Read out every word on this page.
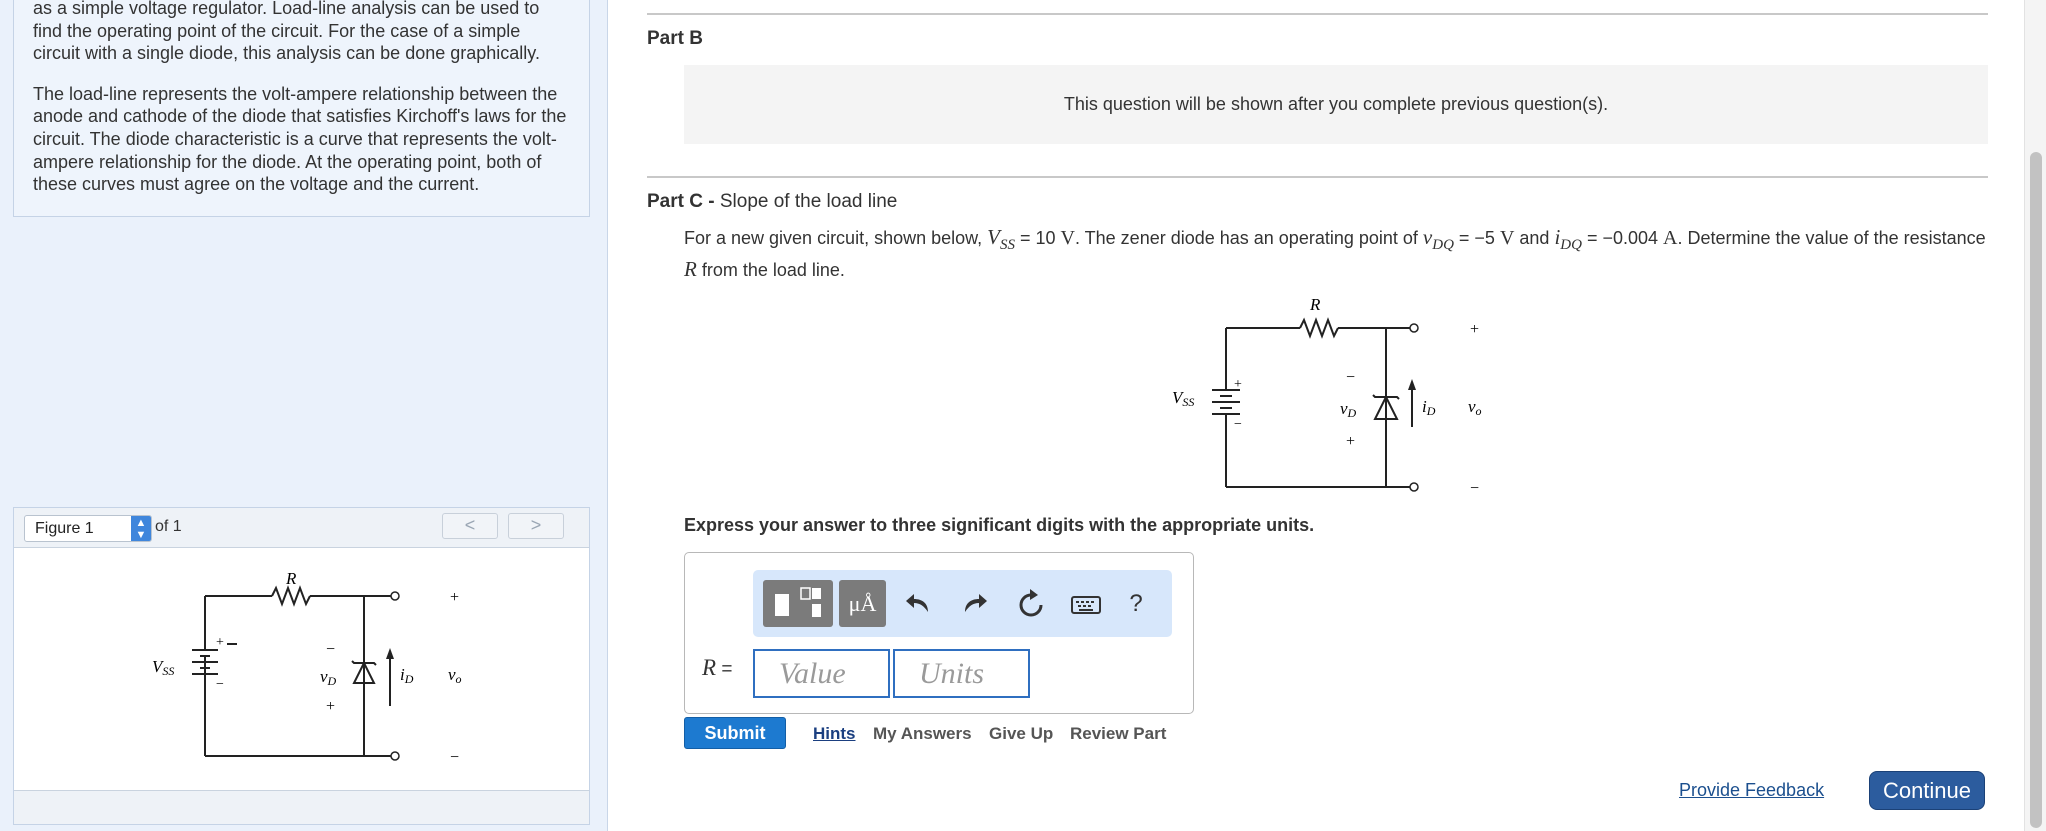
as a simple voltage regulator. Load-line analysis can be used to find the operating point of the circuit. For the case of a simple circuit with a single diode, this analysis can be done graphically.

The load-line represents the volt-ampere relationship between the anode and cathode of the diode that satisfies Kirchoff's laws for the circuit. The diode characteristic is a curve that represents the volt-ampere relationship for the diode. At the operating point, both of these curves must agree on the voltage and the current.

Figure 1	▲
▼ of 1	<	>
R
VSS
+
−
−
vD
+
iD
+
vo
−
Part B
This question will be shown after you complete previous question(s).
Part C - Slope of the load line
For a new given circuit, shown below, $V_{SS} = 10$ V. The zener diode has an operating point of $v_{DQ} = -5$ V and $i_{DQ} = -0.004$ A. Determine the value of the resistance R from the load line.
R
VSS
+
−
−
vD
+
iD
+
vo
−
Express your answer to three significant digits with the appropriate units.
μÅ	?
R =
Value
Units
Submit	Hints My Answers Give Up Review Part
Provide Feedback	Continue
